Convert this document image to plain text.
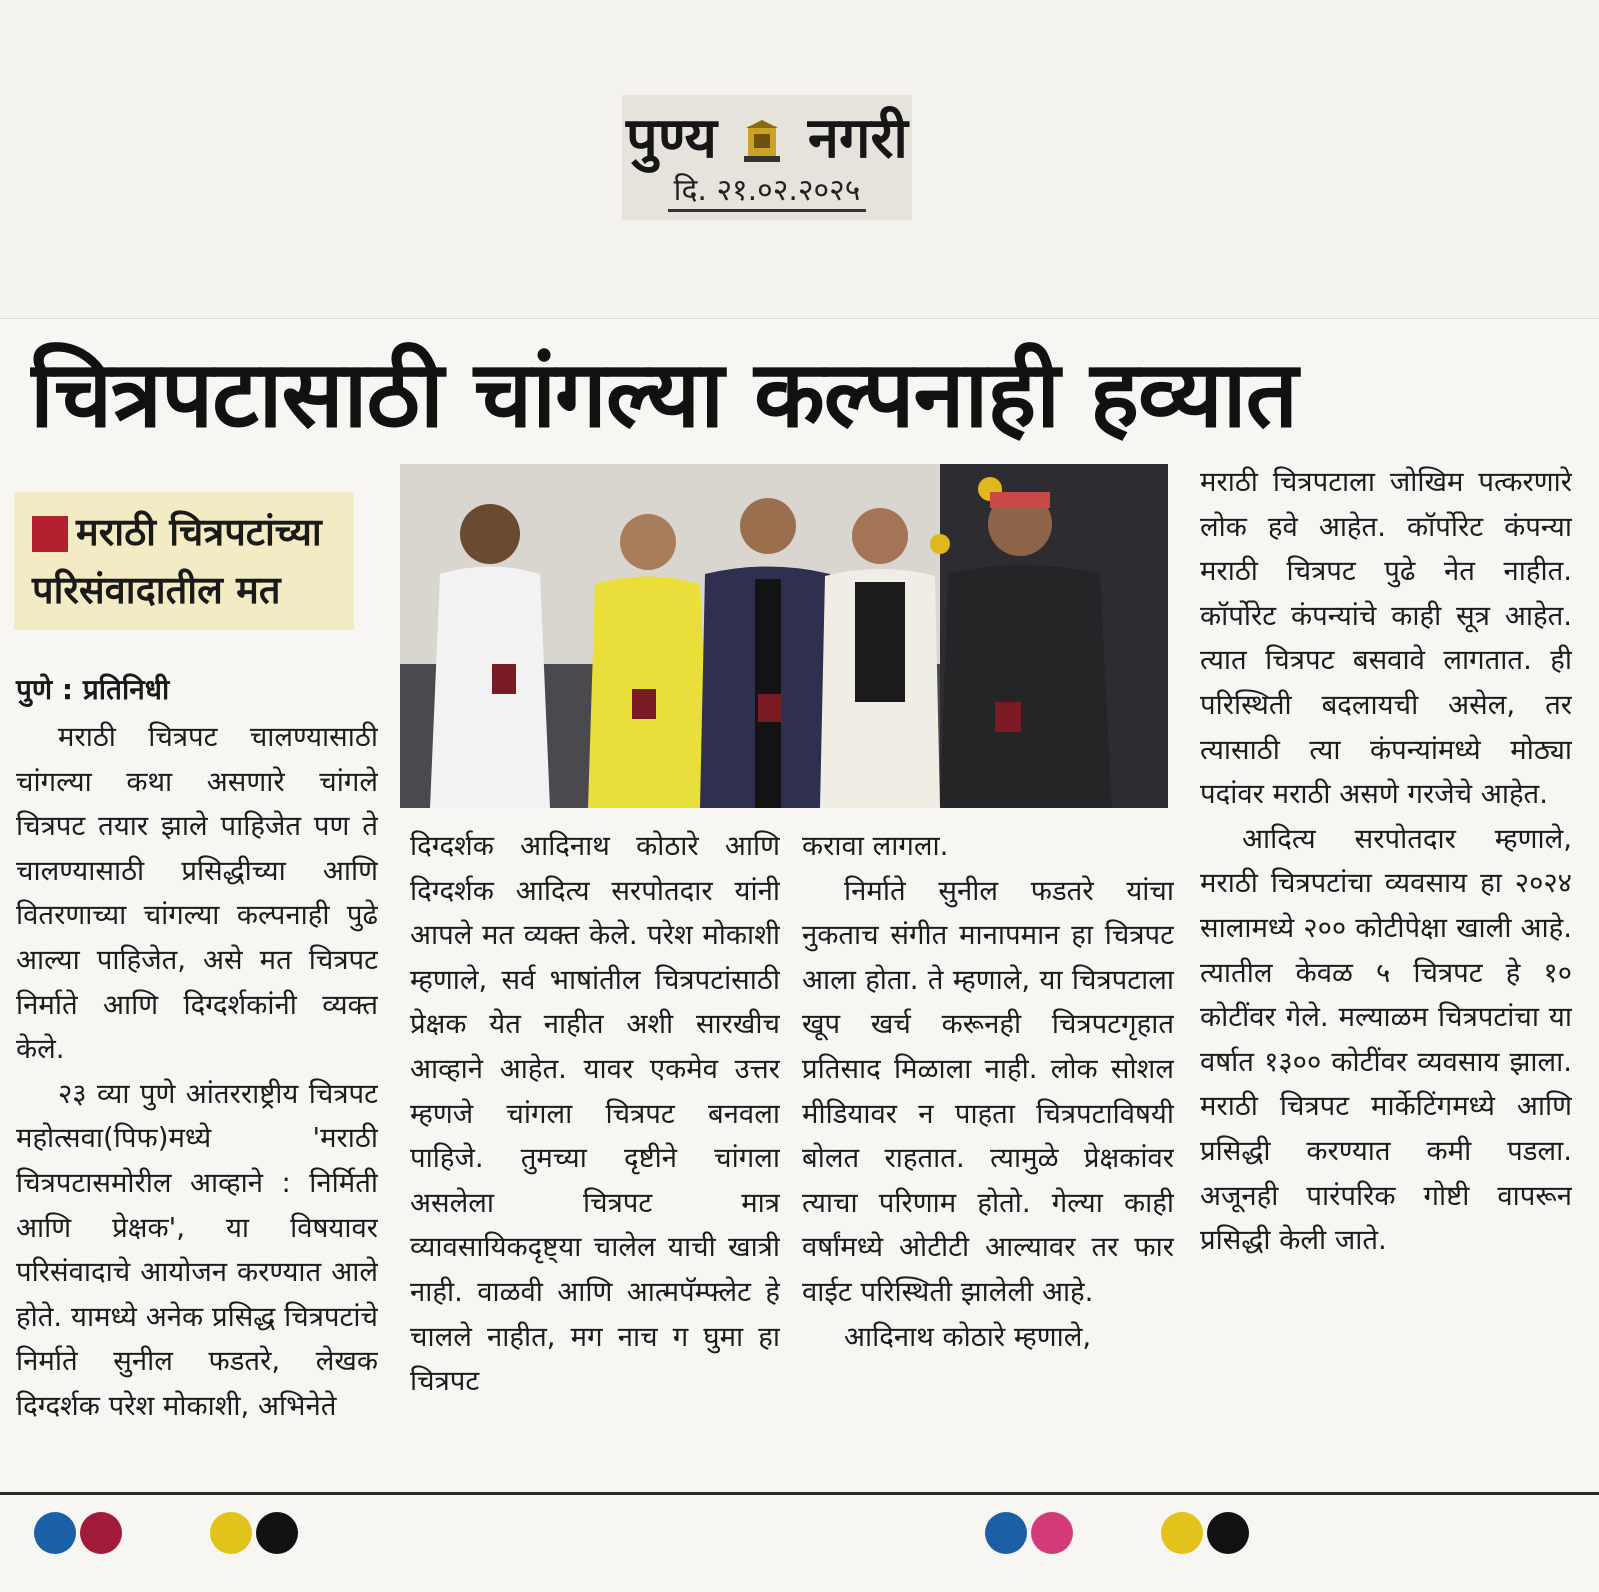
पुण्य नगरी
दि. २१.०२.२०२५
चित्रपटासाठी चांगल्या कल्पनाही हव्यात
मराठी चित्रपटांच्या
परिसंवादातील मत
पुणे : प्रतिनिधी

मराठी चित्रपट चालण्यासाठी चांगल्या कथा असणारे चांगले चित्रपट तयार झाले पाहिजेत पण ते चालण्यासाठी प्रसिद्धीच्या आणि वितरणाच्या चांगल्या कल्पनाही पुढे आल्या पाहिजेत, असे मत चित्रपट निर्माते आणि दिग्दर्शकांनी व्यक्त केले.

२३ व्या पुणे आंतरराष्ट्रीय चित्रपट महोत्सवा(पिफ)मध्ये 'मराठी चित्रपटासमोरील आव्हाने : निर्मिती आणि प्रेक्षक', या विषयावर परिसंवादाचे आयोजन करण्यात आले होते. यामध्ये अनेक प्रसिद्ध चित्रपटांचे निर्माते सुनील फडतरे, लेखक दिग्दर्शक परेश मोकाशी, अभिनेते

दिग्दर्शक आदिनाथ कोठारे आणि दिग्दर्शक आदित्य सरपोतदार यांनी आपले मत व्यक्त केले. परेश मोकाशी म्हणाले, सर्व भाषांतील चित्रपटांसाठी प्रेक्षक येत नाहीत अशी सारखीच आव्हाने आहेत. यावर एकमेव उत्तर म्हणजे चांगला चित्रपट बनवला पाहिजे. तुमच्या दृष्टीने चांगला असलेला चित्रपट मात्र व्यावसायिकदृष्ट्या चालेल याची खात्री नाही. वाळवी आणि आत्मपॅम्फ्लेट हे चालले नाहीत, मग नाच ग घुमा हा चित्रपट

करावा लागला.

निर्माते सुनील फडतरे यांचा नुकताच संगीत मानापमान हा चित्रपट आला होता. ते म्हणाले, या चित्रपटाला खूप खर्च करूनही चित्रपटगृहात प्रतिसाद मिळाला नाही. लोक सोशल मीडियावर न पाहता चित्रपटाविषयी बोलत राहतात. त्यामुळे प्रेक्षकांवर त्याचा परिणाम होतो. गेल्या काही वर्षांमध्ये ओटीटी आल्यावर तर फार वाईट परिस्थिती झालेली आहे.

आदिनाथ कोठारे म्हणाले,

मराठी चित्रपटाला जोखिम पत्करणारे लोक हवे आहेत. कॉर्पोरेट कंपन्या मराठी चित्रपट पुढे नेत नाहीत. कॉर्पोरेट कंपन्यांचे काही सूत्र आहेत. त्यात चित्रपट बसवावे लागतात. ही परिस्थिती बदलायची असेल, तर त्यासाठी त्या कंपन्यांमध्ये मोठ्या पदांवर मराठी असणे गरजेचे आहेत.

आदित्य सरपोतदार म्हणाले, मराठी चित्रपटांचा व्यवसाय हा २०२४ सालामध्ये २०० कोटीपेक्षा खाली आहे. त्यातील केवळ ५ चित्रपट हे १० कोटींवर गेले. मल्याळम चित्रपटांचा या वर्षात १३०० कोटींवर व्यवसाय झाला. मराठी चित्रपट मार्केटिंगमध्ये आणि प्रसिद्धी करण्यात कमी पडला. अजूनही पारंपरिक गोष्टी वापरून प्रसिद्धी केली जाते.
